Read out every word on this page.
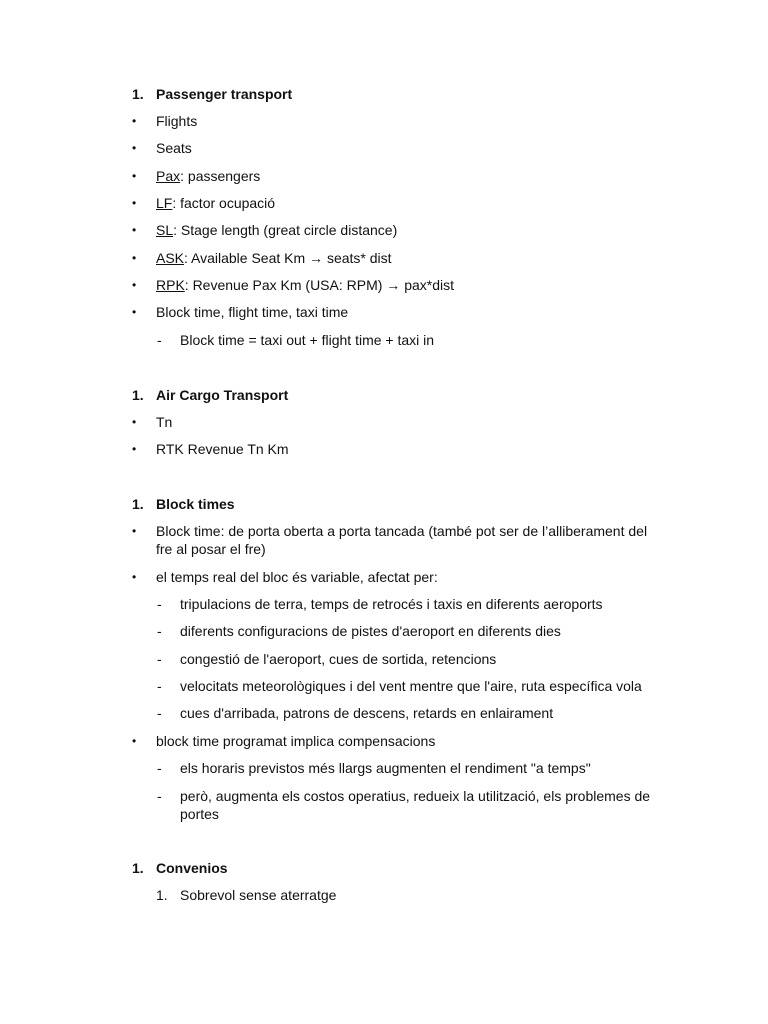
1. Passenger transport
• Flights
• Seats
• Pax: passengers
• LF: factor ocupació
• SL: Stage length (great circle distance)
• ASK: Available Seat Km → seats* dist
• RPK: Revenue Pax Km (USA: RPM) → pax*dist
• Block time, flight time, taxi time
- Block time = taxi out + flight time + taxi in
1. Air Cargo Transport
• Tn
• RTK Revenue Tn Km
1. Block times
• Block time: de porta oberta a porta tancada (també pot ser de l’alliberament del
fre al posar el fre)
• el temps real del bloc és variable, afectat per:
- tripulacions de terra, temps de retrocés i taxis en diferents aeroports
- diferents configuracions de pistes d'aeroport en diferents dies
- congestió de l'aeroport, cues de sortida, retencions
- velocitats meteorològiques i del vent mentre que l'aire, ruta específica vola
- cues d'arribada, patrons de descens, retards en enlairament
• block time programat implica compensacions
- els horaris previstos més llargs augmenten el rendiment "a temps"
- però, augmenta els costos operatius, redueix la utilització, els problemes de
portes
1. Convenios
1. Sobrevol sense aterratge
